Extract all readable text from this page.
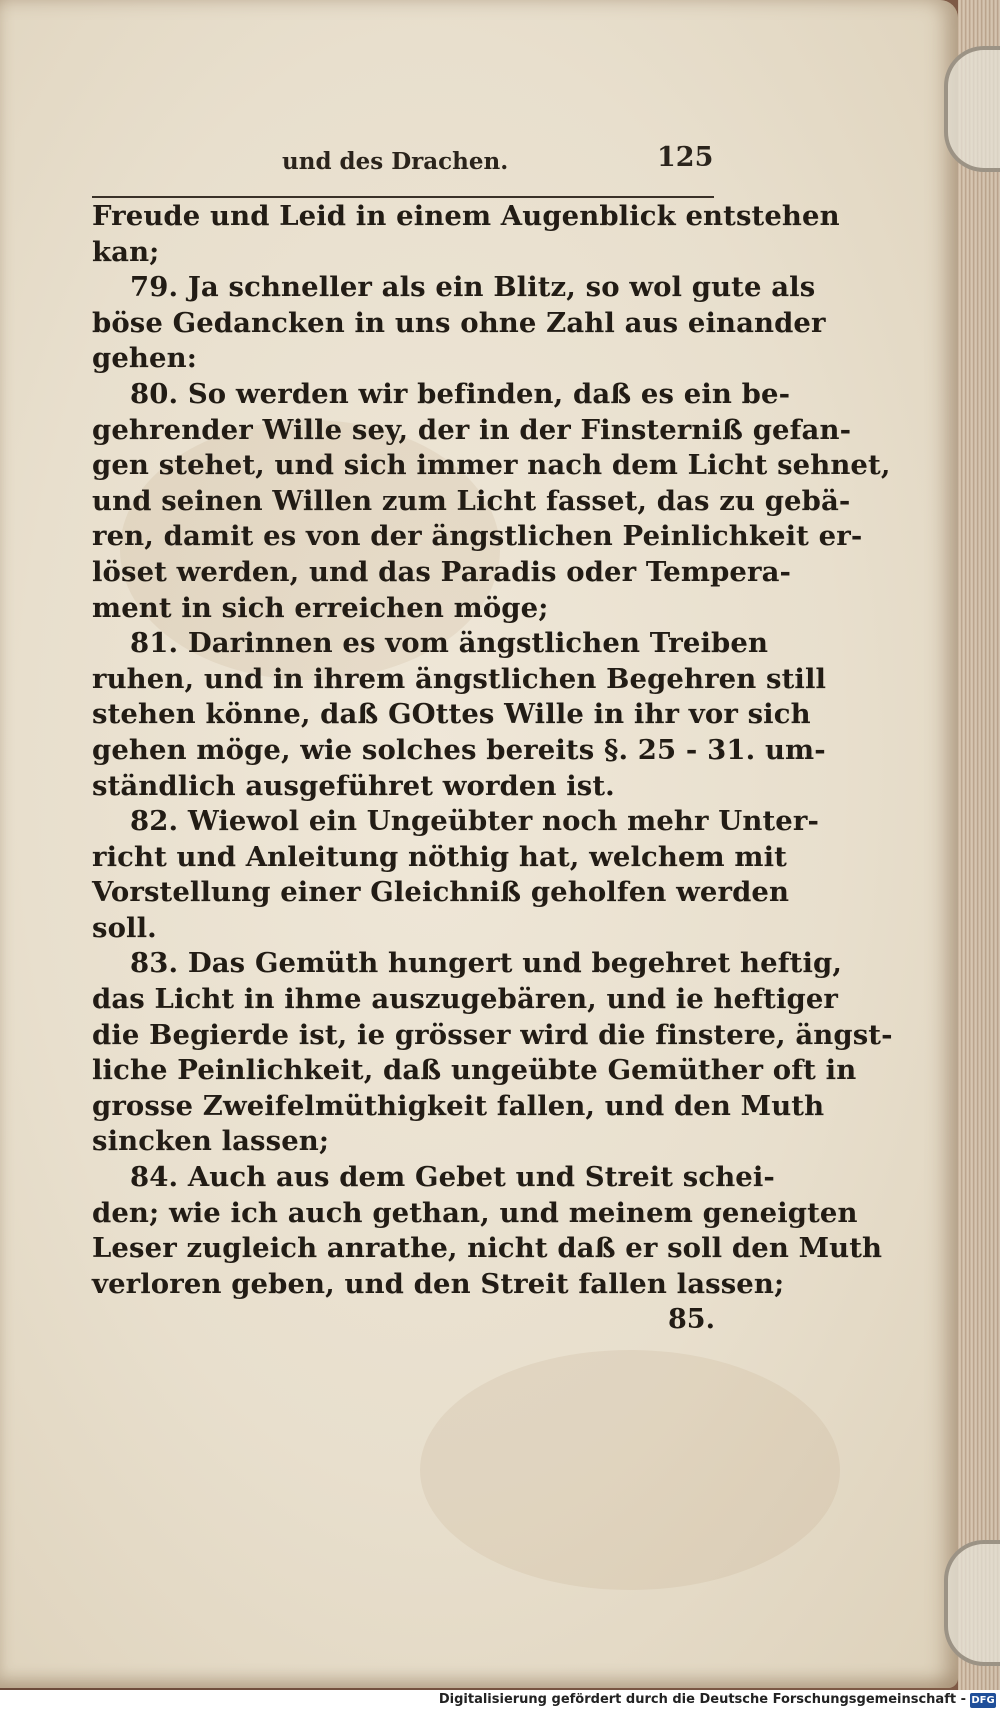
und des Drachen.	125
Freude und Leid in einem Augenblick entstehen
kan;
79. Ja schneller als ein Blitz, so wol gute als
böse Gedancken in uns ohne Zahl aus einander
gehen:
80. So werden wir befinden, daß es ein be-
gehrender Wille sey, der in der Finsterniß gefan-
gen stehet, und sich immer nach dem Licht sehnet,
und seinen Willen zum Licht fasset, das zu gebä-
ren, damit es von der ängstlichen Peinlichkeit er-
löset werden, und das Paradis oder Tempera-
ment in sich erreichen möge;
81. Darinnen es vom ängstlichen Treiben
ruhen, und in ihrem ängstlichen Begehren still
stehen könne, daß GOttes Wille in ihr vor sich
gehen möge, wie solches bereits §. 25 - 31. um-
ständlich ausgeführet worden ist.
82. Wiewol ein Ungeübter noch mehr Unter-
richt und Anleitung nöthig hat, welchem mit
Vorstellung einer Gleichniß geholfen werden
soll.
83. Das Gemüth hungert und begehret heftig,
das Licht in ihme auszugebären, und ie heftiger
die Begierde ist, ie grösser wird die finstere, ängst-
liche Peinlichkeit, daß ungeübte Gemüther oft in
grosse Zweifelmüthigkeit fallen, und den Muth
sincken lassen;
84. Auch aus dem Gebet und Streit schei-
den; wie ich auch gethan, und meinem geneigten
Leser zugleich anrathe, nicht daß er soll den Muth
verloren geben, und den Streit fallen lassen;
85.
Digitalisierung gefördert durch die Deutsche Forschungsgemeinschaft - DFG
